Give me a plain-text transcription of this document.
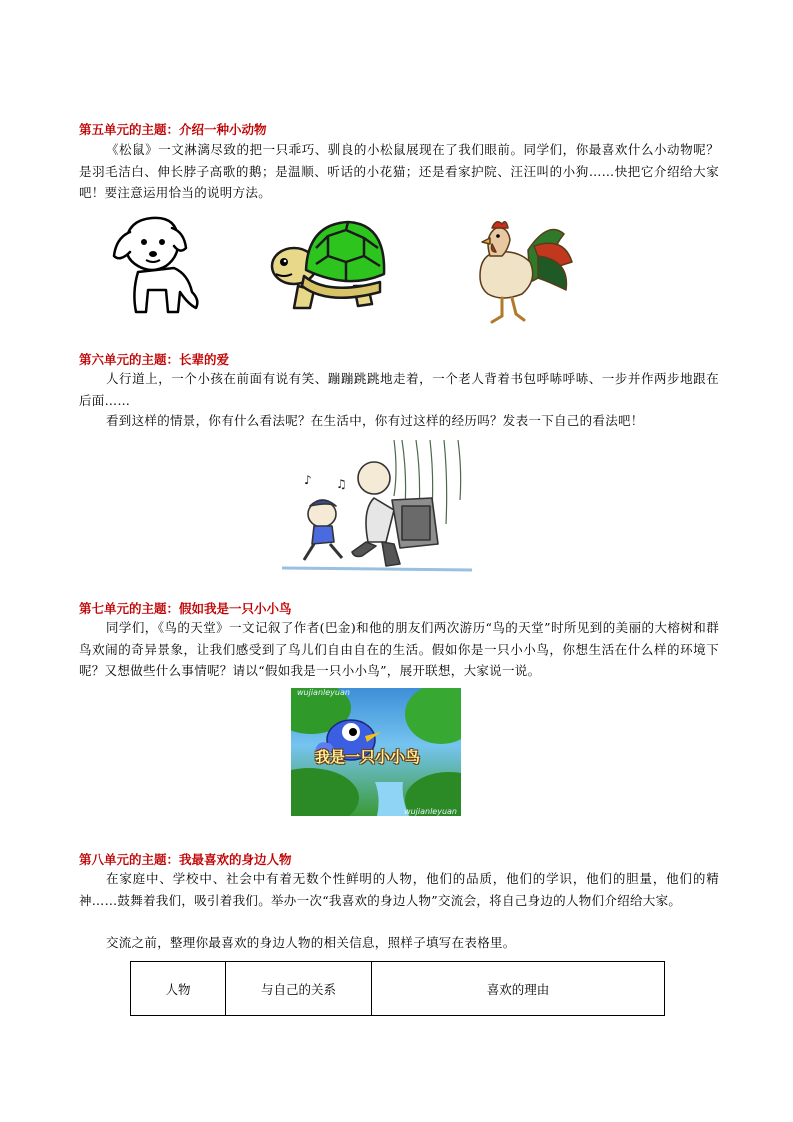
第五单元的主题：介绍一种小动物

《松鼠》一文淋漓尽致的把一只乖巧、驯良的小松鼠展现在了我们眼前。同学们，你最喜欢什么小动物呢？是羽毛洁白、伸长脖子高歌的鹅；是温顺、听话的小花猫；还是看家护院、汪汪叫的小狗……快把它介绍给大家吧！要注意运用恰当的说明方法。

第六单元的主题：长辈的爱

人行道上，一个小孩在前面有说有笑、蹦蹦跳跳地走着，一个老人背着书包呼哧呼哧、一步并作两步地跟在后面……

看到这样的情景，你有什么看法呢？在生活中，你有过这样的经历吗？发表一下自己的看法吧！

♪ ♫
第七单元的主题：假如我是一只小小鸟

同学们，《鸟的天堂》一文记叙了作者(巴金)和他的朋友们两次游历“鸟的天堂”时所见到的美丽的大榕树和群鸟欢闹的奇异景象，让我们感受到了鸟儿们自由自在的生活。假如你是一只小小鸟，你想生活在什么样的环境下呢？又想做些什么事情呢？请以“假如我是一只小小鸟”，展开联想，大家说一说。

wujianleyuan
我是一只小小鸟
wujianleyuan
第八单元的主题：我最喜欢的身边人物

在家庭中、学校中、社会中有着无数个性鲜明的人物，他们的品质，他们的学识，他们的胆量，他们的精神……鼓舞着我们，吸引着我们。举办一次“我喜欢的身边人物”交流会，将自己身边的人物们介绍给大家。

交流之前，整理你最喜欢的身边人物的相关信息，照样子填写在表格里。

人物	与自己的关系	喜欢的理由
